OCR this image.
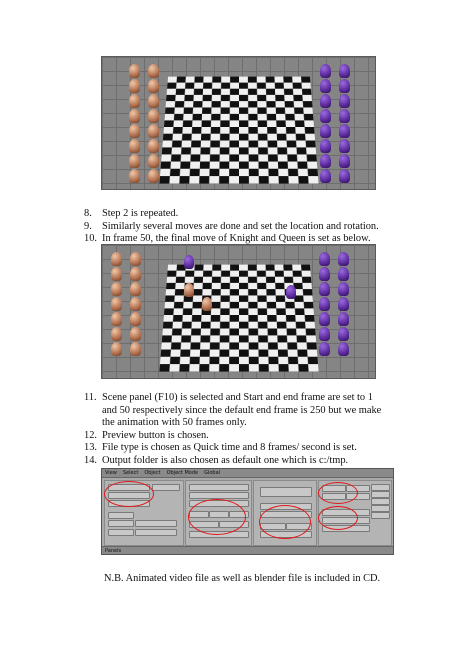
8. Step 2 is repeated.
9. Similarly several moves are done and set the location and rotation.
10. In frame 50, the final move of Knight and Queen is set as below.
11. Scene panel (F10) is selected and Start and end frame are set to 1 and 50 respectively since the default end frame is 250 but we make the animation with 50 frames only.
12. Preview button is chosen.
13. File type is chosen as Quick time and 8 frames/ second is set.
14. Output folder is also chosen as default one which is c:/tmp.
View Select Object Object Mode Global
Panels
N.B. Animated video file as well as blender file is included in CD.
